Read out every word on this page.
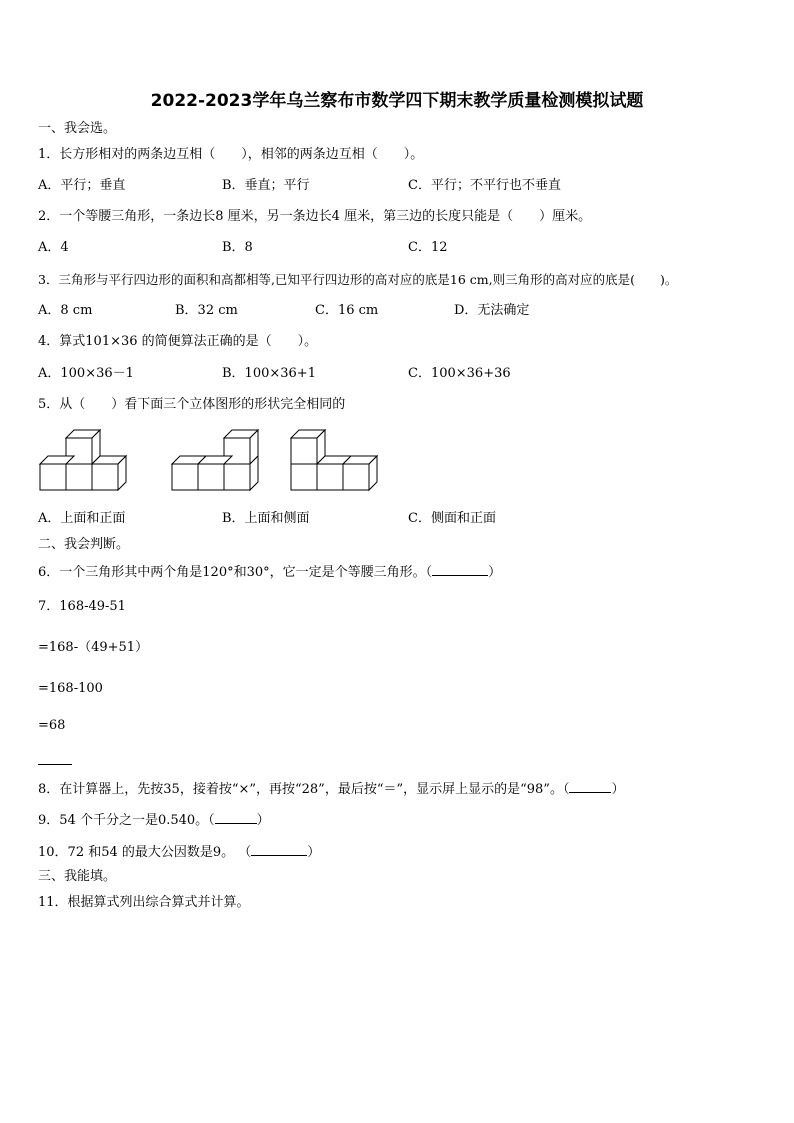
2022-2023学年乌兰察布市数学四下期末教学质量检测模拟试题
一、我会选。
1．长方形相对的两条边互相（　　），相邻的两条边互相（　　）。
A．平行；垂直	B．垂直；平行	C．平行；不平行也不垂直
2．一个等腰三角形，一条边长8 厘米，另一条边长4 厘米，第三边的长度只能是（　　）厘米。
A．4	B．8	C．12
3．三角形与平行四边形的面积和高都相等,已知平行四边形的高对应的底是16 cm,则三角形的高对应的底是(　　)。
A．8 cm	B．32 cm	C．16 cm	D．无法确定
4．算式101×36 的简便算法正确的是（　　）。
A．100×36－1	B．100×36+1	C．100×36+36
5．从（　　）看下面三个立体图形的形状完全相同的
A．上面和正面	B．上面和侧面	C．侧面和正面
二、我会判断。
6．一个三角形其中两个角是120°和30°，它一定是个等腰三角形。（	）
7．168-49-51
=168-（49+51）
=168-100
=68
8．在计算器上，先按35，接着按“×”，再按“28”，最后按“＝”，显示屏上显示的是“98”。（	）
9．54 个千分之一是0.540。（	）
10．72 和54 的最大公因数是9。 （	）
三、我能填。
11．根据算式列出综合算式并计算。
